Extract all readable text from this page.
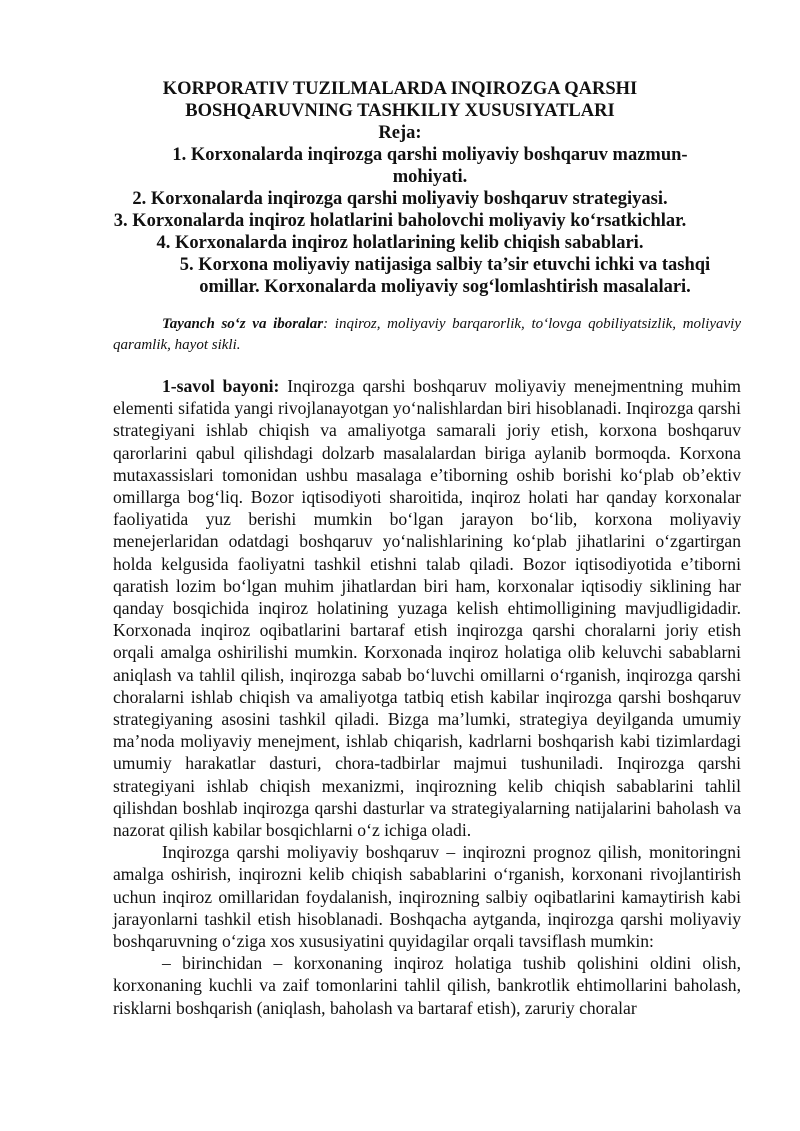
KORPORATIV TUZILMALARDA INQIROZGA QARSHI
BOSHQARUVNING TASHKILIY XUSUSIYATLARI
Reja:
1. Korxonalarda inqirozga qarshi moliyaviy boshqaruv mazmun-mohiyati.
2. Korxonalarda inqirozga qarshi moliyaviy boshqaruv strategiyasi.
3. Korxonalarda inqiroz holatlarini baholovchi moliyaviy ko‘rsatkichlar.
4. Korxonalarda inqiroz holatlarining kelib chiqish sabablari.
5. Korxona moliyaviy natijasiga salbiy ta’sir etuvchi ichki va tashqi omillar. Korxonalarda moliyaviy sog‘lomlashtirish masalalari.
Tayanch so‘z va iboralar: inqiroz, moliyaviy barqarorlik, to‘lovga qobiliyatsizlik, moliyaviy qaramlik, hayot sikli.

1-savol bayoni: Inqirozga qarshi boshqaruv moliyaviy menejmentning muhim elementi sifatida yangi rivojlanayotgan yo‘nalishlardan biri hisoblanadi. Inqirozga qarshi strategiyani ishlab chiqish va amaliyotga samarali joriy etish, korxona boshqaruv qarorlarini qabul qilishdagi dolzarb masalalardan biriga aylanib bormoqda. Korxona mutaxassislari tomonidan ushbu masalaga e’tiborning oshib borishi ko‘plab ob’ektiv omillarga bog‘liq. Bozor iqtisodiyoti sharoitida, inqiroz holati har qanday korxonalar faoliyatida yuz berishi mumkin bo‘lgan jarayon bo‘lib, korxona moliyaviy menejerlaridan odatdagi boshqaruv yo‘nalishlarining ko‘plab jihatlarini o‘zgartirgan holda kelgusida faoliyatni tashkil etishni talab qiladi. Bozor iqtisodiyotida e’tiborni qaratish lozim bo‘lgan muhim jihatlardan biri ham, korxonalar iqtisodiy siklining har qanday bosqichida inqiroz holatining yuzaga kelish ehtimolligining mavjudligidadir. Korxonada inqiroz oqibatlarini bartaraf etish inqirozga qarshi choralarni joriy etish orqali amalga oshirilishi mumkin. Korxonada inqiroz holatiga olib keluvchi sabablarni aniqlash va tahlil qilish, inqirozga sabab bo‘luvchi omillarni o‘rganish, inqirozga qarshi choralarni ishlab chiqish va amaliyotga tatbiq etish kabilar inqirozga qarshi boshqaruv strategiyaning asosini tashkil qiladi. Bizga ma’lumki, strategiya deyilganda umumiy ma’noda moliyaviy menejment, ishlab chiqarish, kadrlarni boshqarish kabi tizimlardagi umumiy harakatlar dasturi, chora-tadbirlar majmui tushuniladi. Inqirozga qarshi strategiyani ishlab chiqish mexanizmi, inqirozning kelib chiqish sabablarini tahlil qilishdan boshlab inqirozga qarshi dasturlar va strategiyalarning natijalarini baholash va nazorat qilish kabilar bosqichlarni o‘z ichiga oladi.

Inqirozga qarshi moliyaviy boshqaruv – inqirozni prognoz qilish, monitoringni amalga oshirish, inqirozni kelib chiqish sabablarini o‘rganish, korxonani rivojlantirish uchun inqiroz omillaridan foydalanish, inqirozning salbiy oqibatlarini kamaytirish kabi jarayonlarni tashkil etish hisoblanadi. Boshqacha aytganda, inqirozga qarshi moliyaviy boshqaruvning o‘ziga xos xususiyatini quyidagilar orqali tavsiflash mumkin:

– birinchidan – korxonaning inqiroz holatiga tushib qolishini oldini olish, korxonaning kuchli va zaif tomonlarini tahlil qilish, bankrotlik ehtimollarini baholash, risklarni boshqarish (aniqlash, baholash va bartaraf etish), zaruriy choralar
